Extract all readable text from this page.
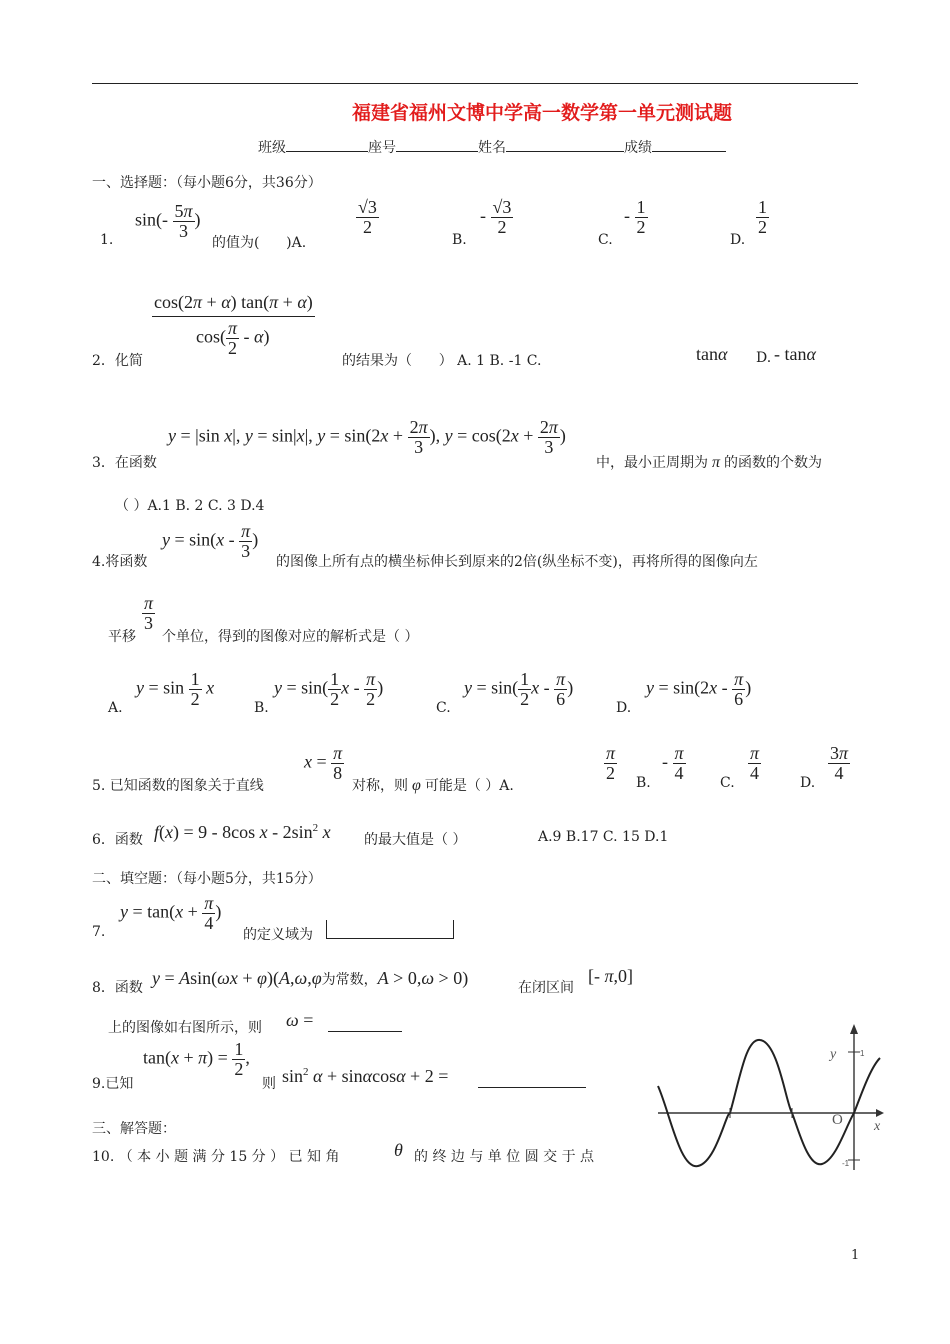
福建省福州文博中学高一数学第一单元测试题
班级	座号	姓名	成绩
一、选择题：（每小题6分，共36分）
$\sin(- \frac{5\pi}{3}$ )
1.	的值为( )A.
$\frac{√3}{2}$
B.
- $\frac{√3}{2}$
C.
- $\frac{1}{2}$
D.
$\frac{1}{2}$
cos(2π + α) tan(π + α)
$\cos( \frac{\pi}{2} - \alpha)$
2．化简	的结果为（ ） A. 1 B. -1 C.	tanα D. - tanα
y = |sin x|, y = sin|x|, $y = \sin(2x + \frac{2\pi}{3}$ ), $y = \cos(2x + \frac{2\pi}{3}$ )
3．在函数	中，最小正周期为 π 的函数的个数为
（ ）A.1 B. 2 C. 3 D.4
$y = \sin(x - \frac{\pi}{3}$ )
4.将函数	的图像上所有点的横坐标伸长到原来的2倍(纵坐标不变)，再将所得的图像向左
平移
$\frac{\pi}{3}$
个单位，得到的图像对应的解析式是（ ）
A.
$y = \sin \frac{1}{2}$ x
B.
$y = \sin( \frac{1}{2}$ x - $\frac{\pi}{2}$ )
C.
$y = \sin( \frac{1}{2}$ x - $\frac{\pi}{6}$ )
D.
$y = \sin(2x - \frac{\pi}{6}$ )
$x = \frac{\pi}{8}$
5. 已知函数的图象关于直线	对称，则 φ 可能是（ ）A.
$\frac{\pi}{2}$
B.
- $\frac{\pi}{4}$
C.
$\frac{\pi}{4}$
D.
$\frac{3\pi}{4}$
6．函数 f(x) = 9 - 8cos x - $2\sin^2$ x 的最大值是（ ）	A.9 B.17 C. 15 D.1
二、填空题：（每小题5分，共15分）
$y = \tan(x + \frac{\pi}{4}$ )
7.	的定义域为
8．函数 y = Asin(ωx + φ)(A,ω,φ为常数，A > 0,ω > 0)	在闭区间
[- π,0]
上的图像如右图所示，则 ω =
$\tan(x + \pi) = \frac{1}{2}$ ,
9.已知	则 $\sin^2 \alpha + \sin\alpha\cos\alpha + 2$ =
三、解答题：
10. （ 本 小 题 满 分 15 分 ） 已 知 角	θ 的 终 边 与 单 位 圆 交 于 点
y
x
O
1
-1
1
